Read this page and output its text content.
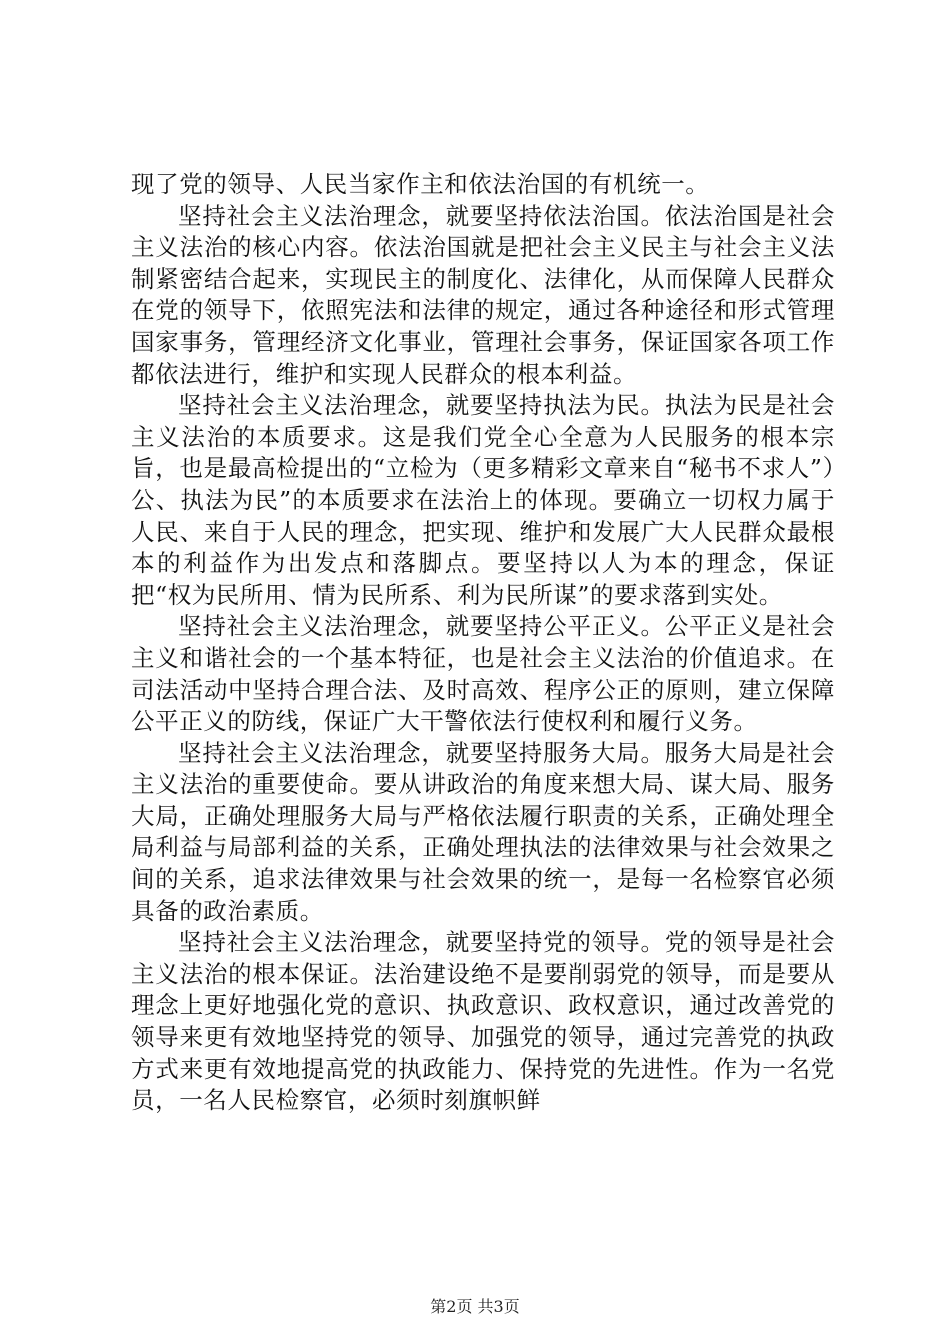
现了党的领导、人民当家作主和依法治国的有机统一。

坚持社会主义法治理念，就要坚持依法治国。依法治国是社会主义法治的核心内容。依法治国就是把社会主义民主与社会主义法制紧密结合起来，实现民主的制度化、法律化，从而保障人民群众在党的领导下，依照宪法和法律的规定，通过各种途径和形式管理国家事务，管理经济文化事业，管理社会事务，保证国家各项工作都依法进行，维护和实现人民群众的根本利益。

坚持社会主义法治理念，就要坚持执法为民。执法为民是社会主义法治的本质要求。这是我们党全心全意为人民服务的根本宗旨，也是最高检提出的“立检为（更多精彩文章来自“秘书不求人”）公、执法为民”的本质要求在法治上的体现。要确立一切权力属于人民、来自于人民的理念，把实现、维护和发展广大人民群众最根本的利益作为出发点和落脚点。要坚持以人为本的理念，保证把“权为民所用、情为民所系、利为民所谋”的要求落到实处。

坚持社会主义法治理念，就要坚持公平正义。公平正义是社会主义和谐社会的一个基本特征，也是社会主义法治的价值追求。在司法活动中坚持合理合法、及时高效、程序公正的原则，建立保障公平正义的防线，保证广大干警依法行使权利和履行义务。

坚持社会主义法治理念，就要坚持服务大局。服务大局是社会主义法治的重要使命。要从讲政治的角度来想大局、谋大局、服务大局，正确处理服务大局与严格依法履行职责的关系，正确处理全局利益与局部利益的关系，正确处理执法的法律效果与社会效果之间的关系，追求法律效果与社会效果的统一，是每一名检察官必须具备的政治素质。

坚持社会主义法治理念，就要坚持党的领导。党的领导是社会主义法治的根本保证。法治建设绝不是要削弱党的领导，而是要从理念上更好地强化党的意识、执政意识、政权意识，通过改善党的领导来更有效地坚持党的领导、加强党的领导，通过完善党的执政方式来更有效地提高党的执政能力、保持党的先进性。作为一名党员，一名人民检察官，必须时刻旗帜鲜

第2页 共3页
